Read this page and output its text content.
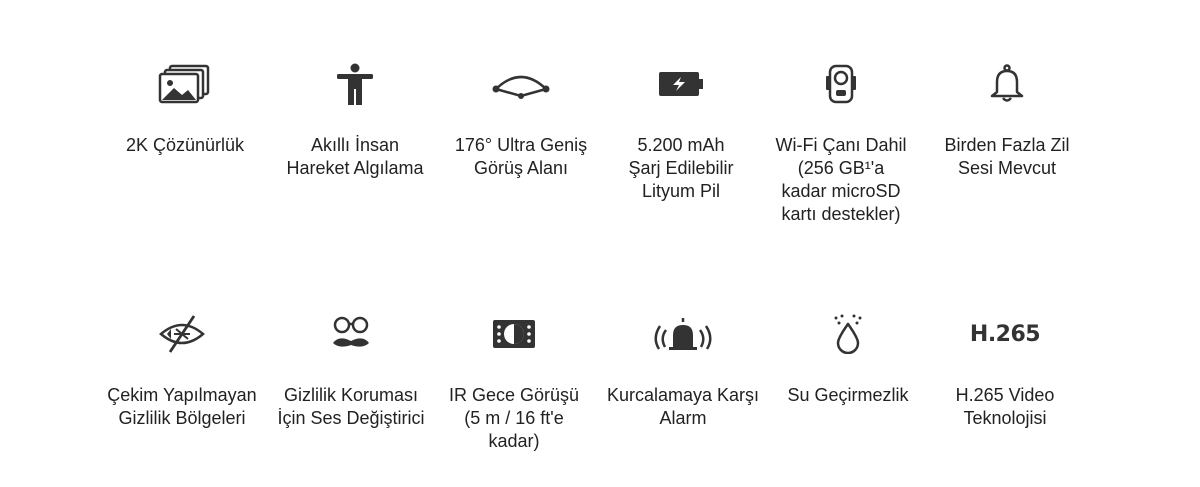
2K Çözünürlük	Akıllı İnsan
Hareket Algılama
176° Ultra Geniş
Görüş Alanı
5.200 mAh
Şarj Edilebilir
Lityum Pil
Wi-Fi Çanı Dahil
(256 GB¹'a
kadar microSD
kartı destekler)
Birden Fazla Zil
Sesi Mevcut
Çekim Yapılmayan
Gizlilik Bölgeleri
Gizlilik Koruması
İçin Ses Değiştirici
IR Gece Görüşü
(5 m / 16 ft'e
kadar)
Kurcalamaya Karşı
Alarm
Su Geçirmezlik
H.265
H.265 Video
Teknolojisi
